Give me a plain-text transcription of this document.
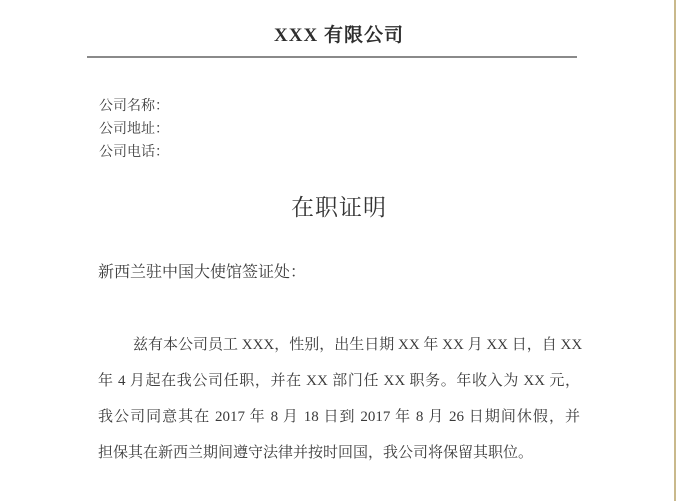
XXX 有限公司
公司名称：
公司地址：
公司电话：
在职证明
新西兰驻中国大使馆签证处：
兹有本公司员工 XXX，性别，出生日期 XX 年 XX 月 XX 日，自 XX
年 4 月起在我公司任职，并在 XX 部门任 XX 职务。年收入为 XX 元，
我公司同意其在 2017 年 8 月 18 日到 2017 年 8 月 26 日期间休假，并
担保其在新西兰期间遵守法律并按时回国，我公司将保留其职位。
